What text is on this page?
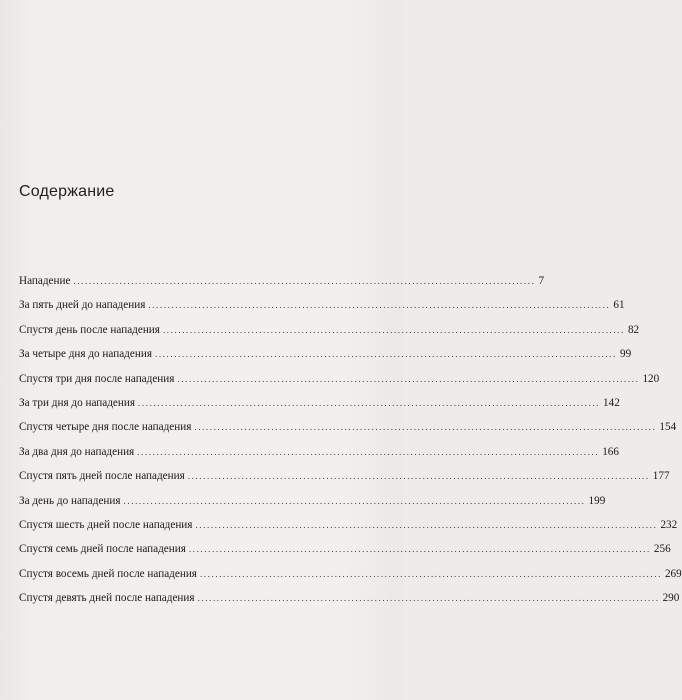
Содержание
Нападение ........................................................................................................................ 7
За пять дней до нападения ........................................................................................................................ 61
Спустя день после нападения ........................................................................................................................ 82
За четыре дня до нападения ........................................................................................................................ 99
Спустя три дня после нападения ........................................................................................................................ 120
За три дня до нападения ........................................................................................................................ 142
Спустя четыре дня после нападения ........................................................................................................................ 154
За два дня до нападения ........................................................................................................................ 166
Спустя пять дней после нападения ........................................................................................................................ 177
За день до нападения ........................................................................................................................ 199
Спустя шесть дней после нападения ........................................................................................................................ 232
Спустя семь дней после нападения ........................................................................................................................ 256
Спустя восемь дней после нападения ........................................................................................................................ 269
Спустя девять дней после нападения ........................................................................................................................ 290
